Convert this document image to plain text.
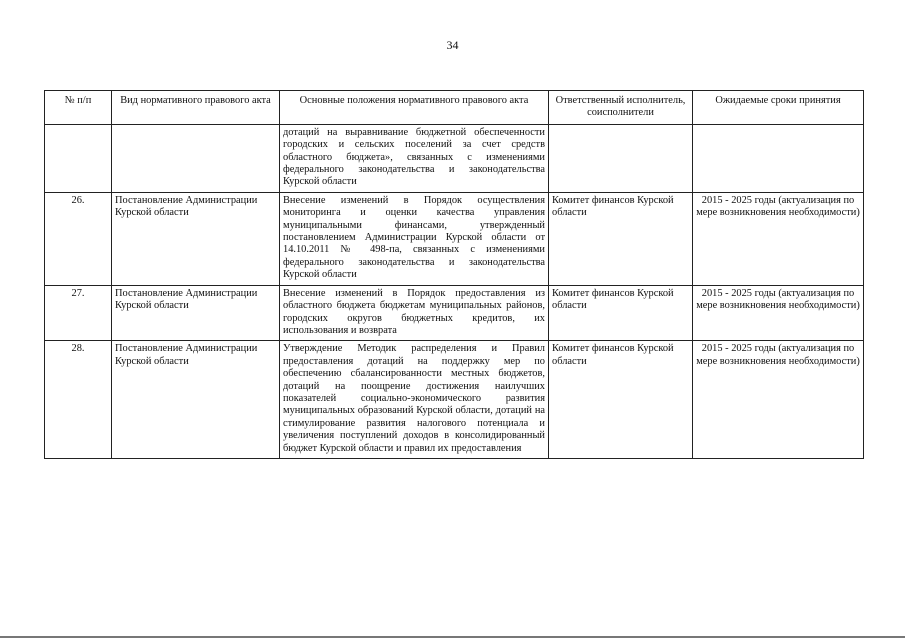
34
№ п/п	Вид нормативного правового акта	Основные положения нормативного правового акта	Ответственный исполнитель, соисполнители	Ожидаемые сроки принятия
		дотаций на выравнивание бюджетной обеспеченности городских и сельских поселений за счет средств областного бюджета», связанных с изменениями федерального законодательства и законодательства Курской области		
26.	Постановление Администрации Курской области	Внесение изменений в Порядок осуществления мониторинга и оценки качества управления муниципальными финансами, утвержденный постановлением Администрации Курской области от 14.10.2011 № 498-па, связанных с изменениями федерального законодательства и законодательства Курской области	Комитет финансов Курской области	2015 - 2025 годы (актуализация по мере возникновения необходимости)
27.	Постановление Администрации Курской области	Внесение изменений в Порядок предоставления из областного бюджета бюджетам муниципальных районов, городских округов бюджетных кредитов, их использования и возврата	Комитет финансов Курской области	2015 - 2025 годы (актуализация по мере возникновения необходимости)
28.	Постановление Администрации Курской области	Утверждение Методик распределения и Правил предоставления дотаций на поддержку мер по обеспечению сбалансированности местных бюджетов, дотаций на поощрение достижения наилучших показателей социально-экономического развития муниципальных образований Курской области, дотаций на стимулирование развития налогового потенциала и увеличения поступлений доходов в консолидированный бюджет Курской области и правил их предоставления	Комитет финансов Курской области	2015 - 2025 годы (актуализация по мере возникновения необходимости)
